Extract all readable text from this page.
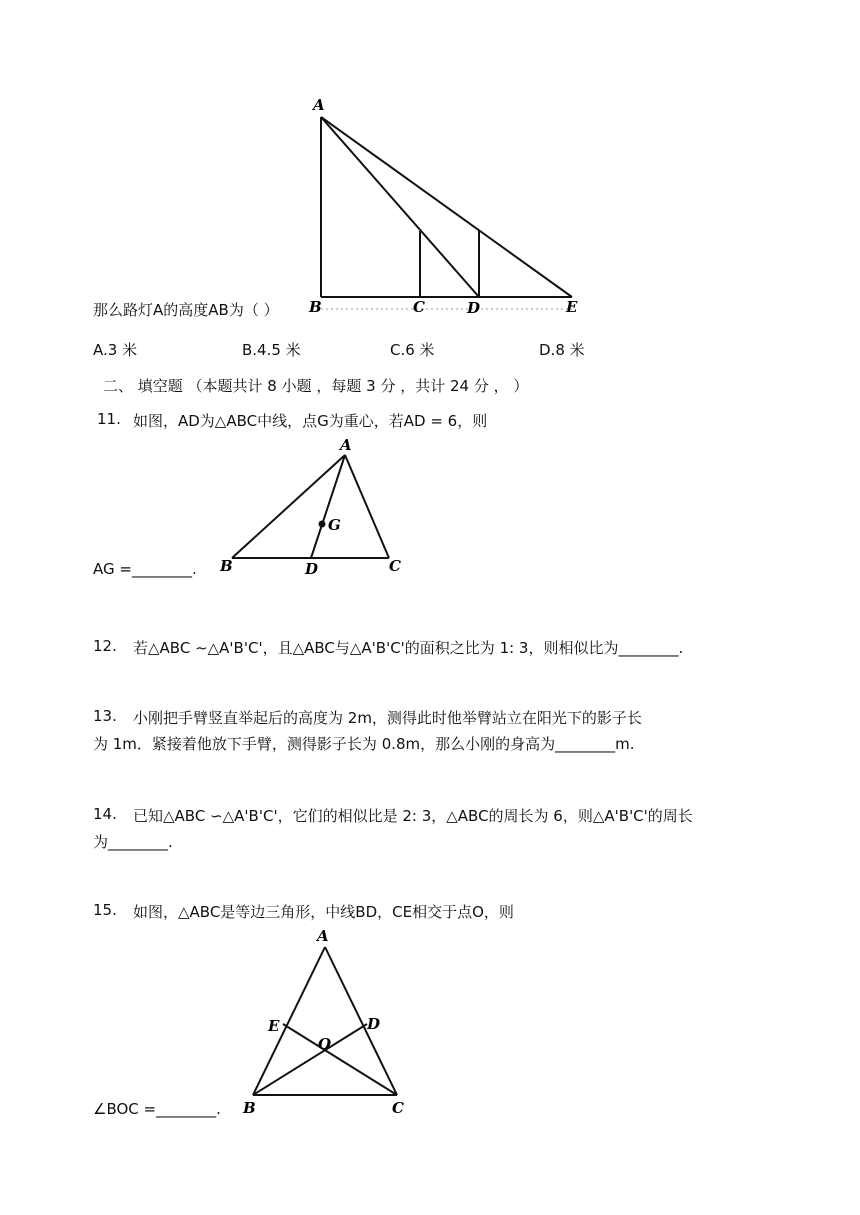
A
B	C	D	E
那么路灯A的高度AB为（ ）
A.3 米	B.4.5 米	C.6 米	D.8 米
二、 填空题 （本题共计 8 小题 ，每题 3 分 ，共计 24 分 ， ）
11. 如图，AD为△ABC中线，点G为重心，若AD = 6，则
A
G
B	D	C
AG =________.
12. 若△ABC ∼△A'B'C'，且△ABC与△A'B'C'的面积之比为 1: 3，则相似比为________.
13. 小刚把手臂竖直举起后的高度为 2m，测得此时他举臂站立在阳光下的影子长
为 1m．紧接着他放下手臂，测得影子长为 0.8m，那么小刚的身高为________m.
14. 已知△ABC ∽△A'B'C'，它们的相似比是 2: 3，△ABC的周长为 6，则△A'B'C'的周长
为________.
15. 如图，△ABC是等边三角形，中线BD，CE相交于点O，则
A
E	D
O
B	C
∠BOC =________.
